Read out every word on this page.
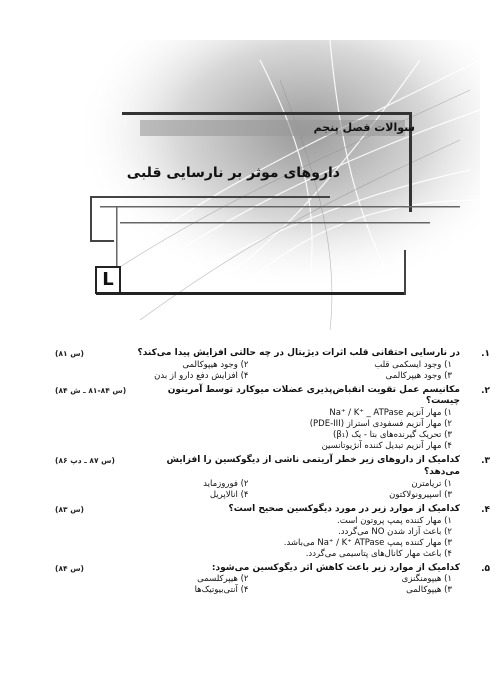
سوالات فصل پنجم
داروهای موثر بر نارسایی قلبی
L
۱.
(س ۸۱)	در نارسایی احتقانی قلب اثرات دیژیتال در چه حالتی افزایش پیدا می‌کند؟
۱) وجود ایسکمی قلب
۲) وجود هیپوکالمی
۳) وجود هیپرکالمی
۴) افزایش دفع دارو از بدن
۲.
(س ۸۴-۸۱ ـ ش ۸۴)	مکانیسم عمل تقویت انقباض‌پذیری عضلات میوکارد توسط آمرینون چیست؟
۱) مهار آنزیم Na⁺ / K⁺ _ ATPase
۲) مهار آنزیم فسفودی استراز (PDE-III)
۳) تحریک گیرنده‌های بتا - یک (β₁)
۴) مهار آنزیم تبدیل کننده آنژیوتانسین
۳.
(س ۸۷ ـ دپ ۸۶)	کدامیک از داروهای زیر خطر آریتمی ناشی از دیگوکسین را افزایش می‌دهد؟
۱) تریامترن
۲) فوروزماید
۳) اسپیرونولاکتون
۴) انالاپریل
۴.
(س ۸۳)	کدامیک از موارد زیر در مورد دیگوکسین صحیح است؟
۱) مهار کننده پمپ پروتون است.
۲) باعث آزاد شدن NO می‌گردد.
۳) مهار کننده پمپ Na⁺ / K⁺ ATPase می‌باشد.
۴) باعث مهار کانال‌های پتاسیمی می‌گردد.
۵.
(س ۸۴)	کدامیک از موارد زیر باعث کاهش اثر دیگوکسین می‌شود:
۱) هیپومنگنزی
۲) هیپرکلسمی
۳) هیپوکالمی
۴) آنتی‌بیوتیک‌ها
